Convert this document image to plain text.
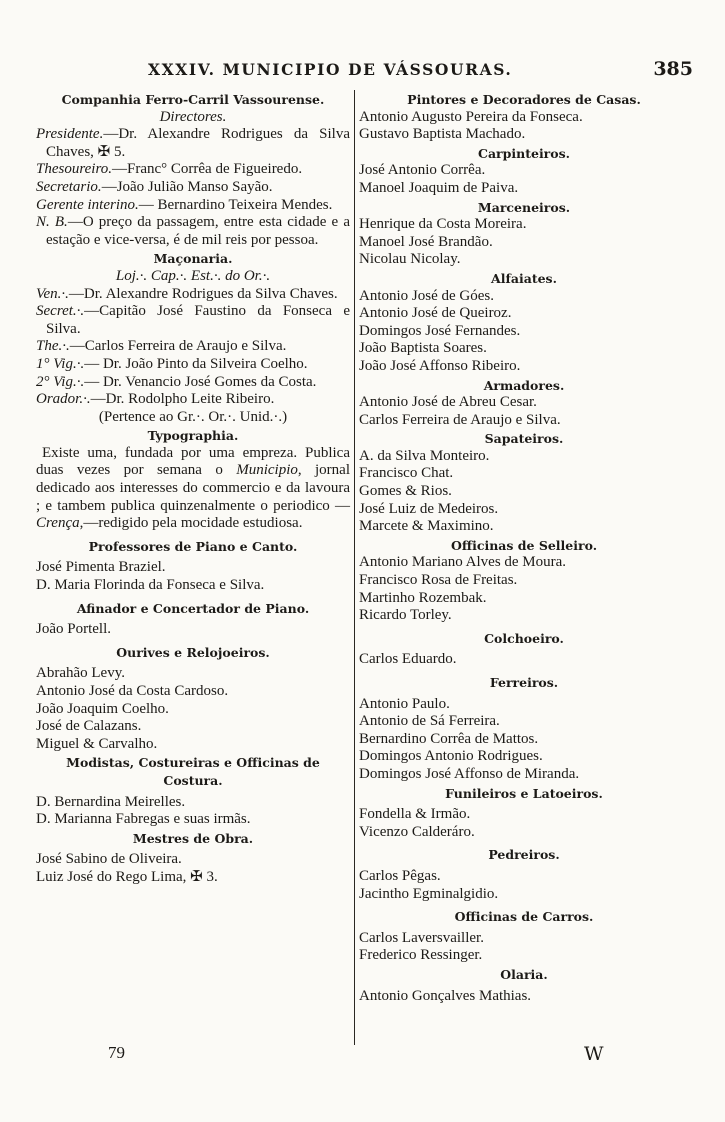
XXXIV. MUNICIPIO DE VÁSSOURAS.	385
Companhia Ferro-Carril Vassourense.
Directores.
Presidente.—Dr. Alexandre Rodrigues da Silva Chaves, ✠ 5.
Thesoureiro.—Franc° Corrêa de Figueiredo.
Secretario.—João Julião Manso Sayão.
Gerente interino.— Bernardino Teixeira Mendes.
N. B.—O preço da passagem, entre esta cidade e a estação e vice-versa, é de mil reis por pessoa.
Maçonaria.
Loj.·. Cap.·. Est.·. do Or.·.
Ven.·.—Dr. Alexandre Rodrigues da Silva Chaves.
Secret.·.—Capitão José Faustino da Fonseca e Silva.
The.·.—Carlos Ferreira de Araujo e Silva.
1° Vig.·.— Dr. João Pinto da Silveira Coelho.
2° Vig.·.— Dr. Venancio José Gomes da Costa.
Orador.·.—Dr. Rodolpho Leite Ribeiro.
(Pertence ao Gr.·. Or.·. Unid.·.)
Typographia.
Existe uma, fundada por uma empreza. Publica duas vezes por semana o Municipio, jornal dedicado aos interesses do commercio e da lavoura ; e tambem publica quinzenalmente o periodico — Crença,—redigido pela mocidade estudiosa.
Professores de Piano e Canto.
José Pimenta Braziel.
D. Maria Florinda da Fonseca e Silva.
Afinador e Concertador de Piano.
João Portell.
Ourives e Relojoeiros.
Abrahão Levy.
Antonio José da Costa Cardoso.
João Joaquim Coelho.
José de Calazans.
Miguel & Carvalho.
Modistas, Costureiras e Officinas de Costura.
D. Bernardina Meirelles.
D. Marianna Fabregas e suas irmãs.
Mestres de Obra.
José Sabino de Oliveira.
Luiz José do Rego Lima, ✠ 3.
Pintores e Decoradores de Casas.
Antonio Augusto Pereira da Fonseca.
Gustavo Baptista Machado.
Carpinteiros.
José Antonio Corrêa.
Manoel Joaquim de Paiva.
Marceneiros.
Henrique da Costa Moreira.
Manoel José Brandão.
Nicolau Nicolay.
Alfaiates.
Antonio José de Góes.
Antonio José de Queiroz.
Domingos José Fernandes.
João Baptista Soares.
João José Affonso Ribeiro.
Armadores.
Antonio José de Abreu Cesar.
Carlos Ferreira de Araujo e Silva.
Sapateiros.
A. da Silva Monteiro.
Francisco Chat.
Gomes & Rios.
José Luiz de Medeiros.
Marcete & Maximino.
Officinas de Selleiro.
Antonio Mariano Alves de Moura.
Francisco Rosa de Freitas.
Martinho Rozembak.
Ricardo Torley.
Colchoeiro.
Carlos Eduardo.
Ferreiros.
Antonio Paulo.
Antonio de Sá Ferreira.
Bernardino Corrêa de Mattos.
Domingos Antonio Rodrigues.
Domingos José Affonso de Miranda.
Funileiros e Latoeiros.
Fondella & Irmão.
Vicenzo Calderáro.
Pedreiros.
Carlos Pêgas.
Jacintho Egminalgidio.
Officinas de Carros.
Carlos Laversvailler.
Frederico Ressinger.
Olaria.
Antonio Gonçalves Mathias.
79	W
